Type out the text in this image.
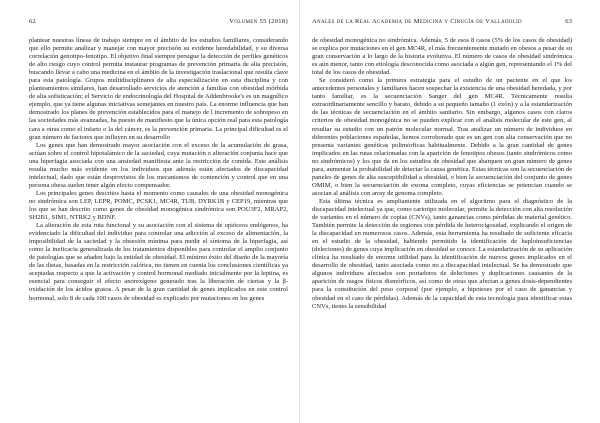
62	Volumen 55 (2018)

plantear nuestras líneas de trabajo siempre en el ámbito de los estudios familiares, considerando que ello permite analizar y manejar con mayor precisión su evidente heredabilidad, y su diversa correlación genotipo-fenotipo. El objetivo final siempre persigue la detección de perfiles genéticos de alto riesgo cuyo control permita instaurar programas de prevención primaria de alta precisión, buscando llevar a cabo una medicina en el ámbito de la investigación traslacional que resulta clave para esta patología. Grupos multidisciplinares de alta especialización en esta disciplina y con planteamientos similares, han desarrollado servicios de atención a familias con obesidad mórbida de alta sofisticación; el Servicio de endocrinología del Hospital de Addenbrooke's es un magnífico ejemplo, que ya tiene algunas iniciativas semejantes en nuestro país. La enorme influencia que han demostrado los planes de prevención establecidos para el manejo de l incremento de sobrepeso en las sociedades más avanzadas, ha puesto de manifiesto que la única opción real para esta patología cara a otras como el infarto o la del cáncer, es la prevención primaria. La principal dificultad es el gran número de factores que influyen en su desarrollo

Los genes que han demostrado mayor asociación con el exceso de la acumulación de grasa, actúan sobre el control hipotalámico de la saciedad, cuya mutación o alteración conjunta hace que una hiperfagia asociada con una ansiedad manifiesta ante la restricción de comida. Este análisis resulta mucho más evidente en los individuos que además están afectados de discapacidad intelectual, dado que están desprovistos de los mecanismos de contención y control que en una persona obesa suelen tener algún efecto compensador.

Los principales genes descritos hasta el momento como causales de una obesidad monogénica no sindrómica son LEP, LEPR, POMC, PCSK1, MC4R, TUB, DYRK1B y CEP19, mientras que los que se han descrito como genes de obesidad monogénica sindrómica son POU3F2, MRAP2, SH2B1, SIM1, NTRK2 y BDNF.

La alteración de esta ruta funcional y su asociación con el sistema de opióceos endógenos, ha evidenciado la dificultad del individuo para controlar una adicción al exceso de alimentación, la imposibilidad de la saciedad y la obsesión mínima para medir el síntoma de la hiperfagia, así como la ineficacia generalizada de los tratamientos disponibles para controlar el amplio conjunto de patologías que se añaden bajo la entidad de obesidad. El mínimo éxito del diseño de la mayoría de las dietas, basadas en la restricción calórica, no tienen en cuenta los conclusiones científicas ya aceptadas respecto a que la activación y control hormonal mediado inicialmente por la leptina, es esencial para conseguir el efecto anorexígeno generado tras la liberación de ciertas y la β-oxidación de los ácidos grasos. A pesar de la gran cantidad de genes implicados en este control hormonal, solo 8 de cada 100 casos de obesidad es explicado por mutaciones en los genes

Anales de la Real Academia de Medicina y Cirugía de Valladolid	63

de obesidad monogénica no sindrómica. Además, 5 de esos 8 casos (5% de los casos de obesidad) se explica por mutaciones en el gen MC4R, el más frecuentemente mutado en obesos a pesar de su gran conservación a lo largo de la historia evolutiva. El número de casos de obesidad sindrómica es aún menor, tanto con etiología desconocida como asociada a algún gen, representando el 1% del total de los casos de obesidad.

Se consideró como la primera estrategia para el estudio de un paciente en el que los antecedentes personales y familiares hacen sospechar la existencia de una obesidad heredada, y por tanto familiar, es la secuenciación Sanger del gen MC4R. Técnicamente resulta extraordinariamente sencillo y barato, debido a su pequeño tamaño (1 exón) y a la estandarización de las técnicas de secuenciación en el ámbito sanitario. Sin embargo, algunos casos con claros criterios de obesidad monogénica no se pueden explicar con el análisis molecular de este gen, al resultar su estudio con un patrón molecular normal. Tras analizar un número de individuos en diferentes poblaciones españolas, hemos corroborado que es un gen con alta conservación que no presenta variantes genéticas polimórficas habitualmente. Debido a la gran cantidad de genes implicados en las rutas relacionadas con la aparición de fenotipos obesos (tanto sindrómicos como no sindrómicos) y los que da en los estudios de obesidad que abarquen un gran número de genes para, aumentar la probabilidad de detectar la causa genética. Estas técnicas son la secuenciación de paneles de genes de alta susceptibilidad a obesidad, o bien la secuenciación del conjunto de genes OMIM, o bien la secuenciación de exoma completo, cuyas eficiencias se potencian cuando se asocian al análisis con array de genoma completo.

Esta última técnica es ampliamente utilizada en el algoritmo para el diagnóstico de la discapacidad intelectual ya que, como cariotipo molecular, permite la detección con alta resolución de variantes en el número de copias (CNVs), tanto ganancias como pérdidas de material genético. También permite la detección de regiones con pérdida de heterocigosidad, explicando el origen de la discapacidad en numerosos casos. Además, esta herramienta ha resultado de suficiente eficacia en el estudio de la obesidad, habiendo permitido la identificación de haploinsuficiencias (deleciones) de genes cuya implicación en obesidad se conoce. La estandarización de su aplicación clínica ha resultado de enorme utilidad para la identificación de nuevos genes implicados en el desarrollo de obesidad, tanto asociada como no a discapacidad intelectual. Se ha demostrado que algunos individuos afectados son portadores de deleciones y duplicaciones causantes de la aparición de rasgos físicos dismórficos, así como de otras que afectan a genes dosis-dependientes para la constitución del peso corporal (por ejemplo, a hipoteses por el caso de ganancias y obesidad en el caso de pérdidas). Además de la capacidad de esta tecnología para identificar estas CNVs, tienes la sensibilidad
